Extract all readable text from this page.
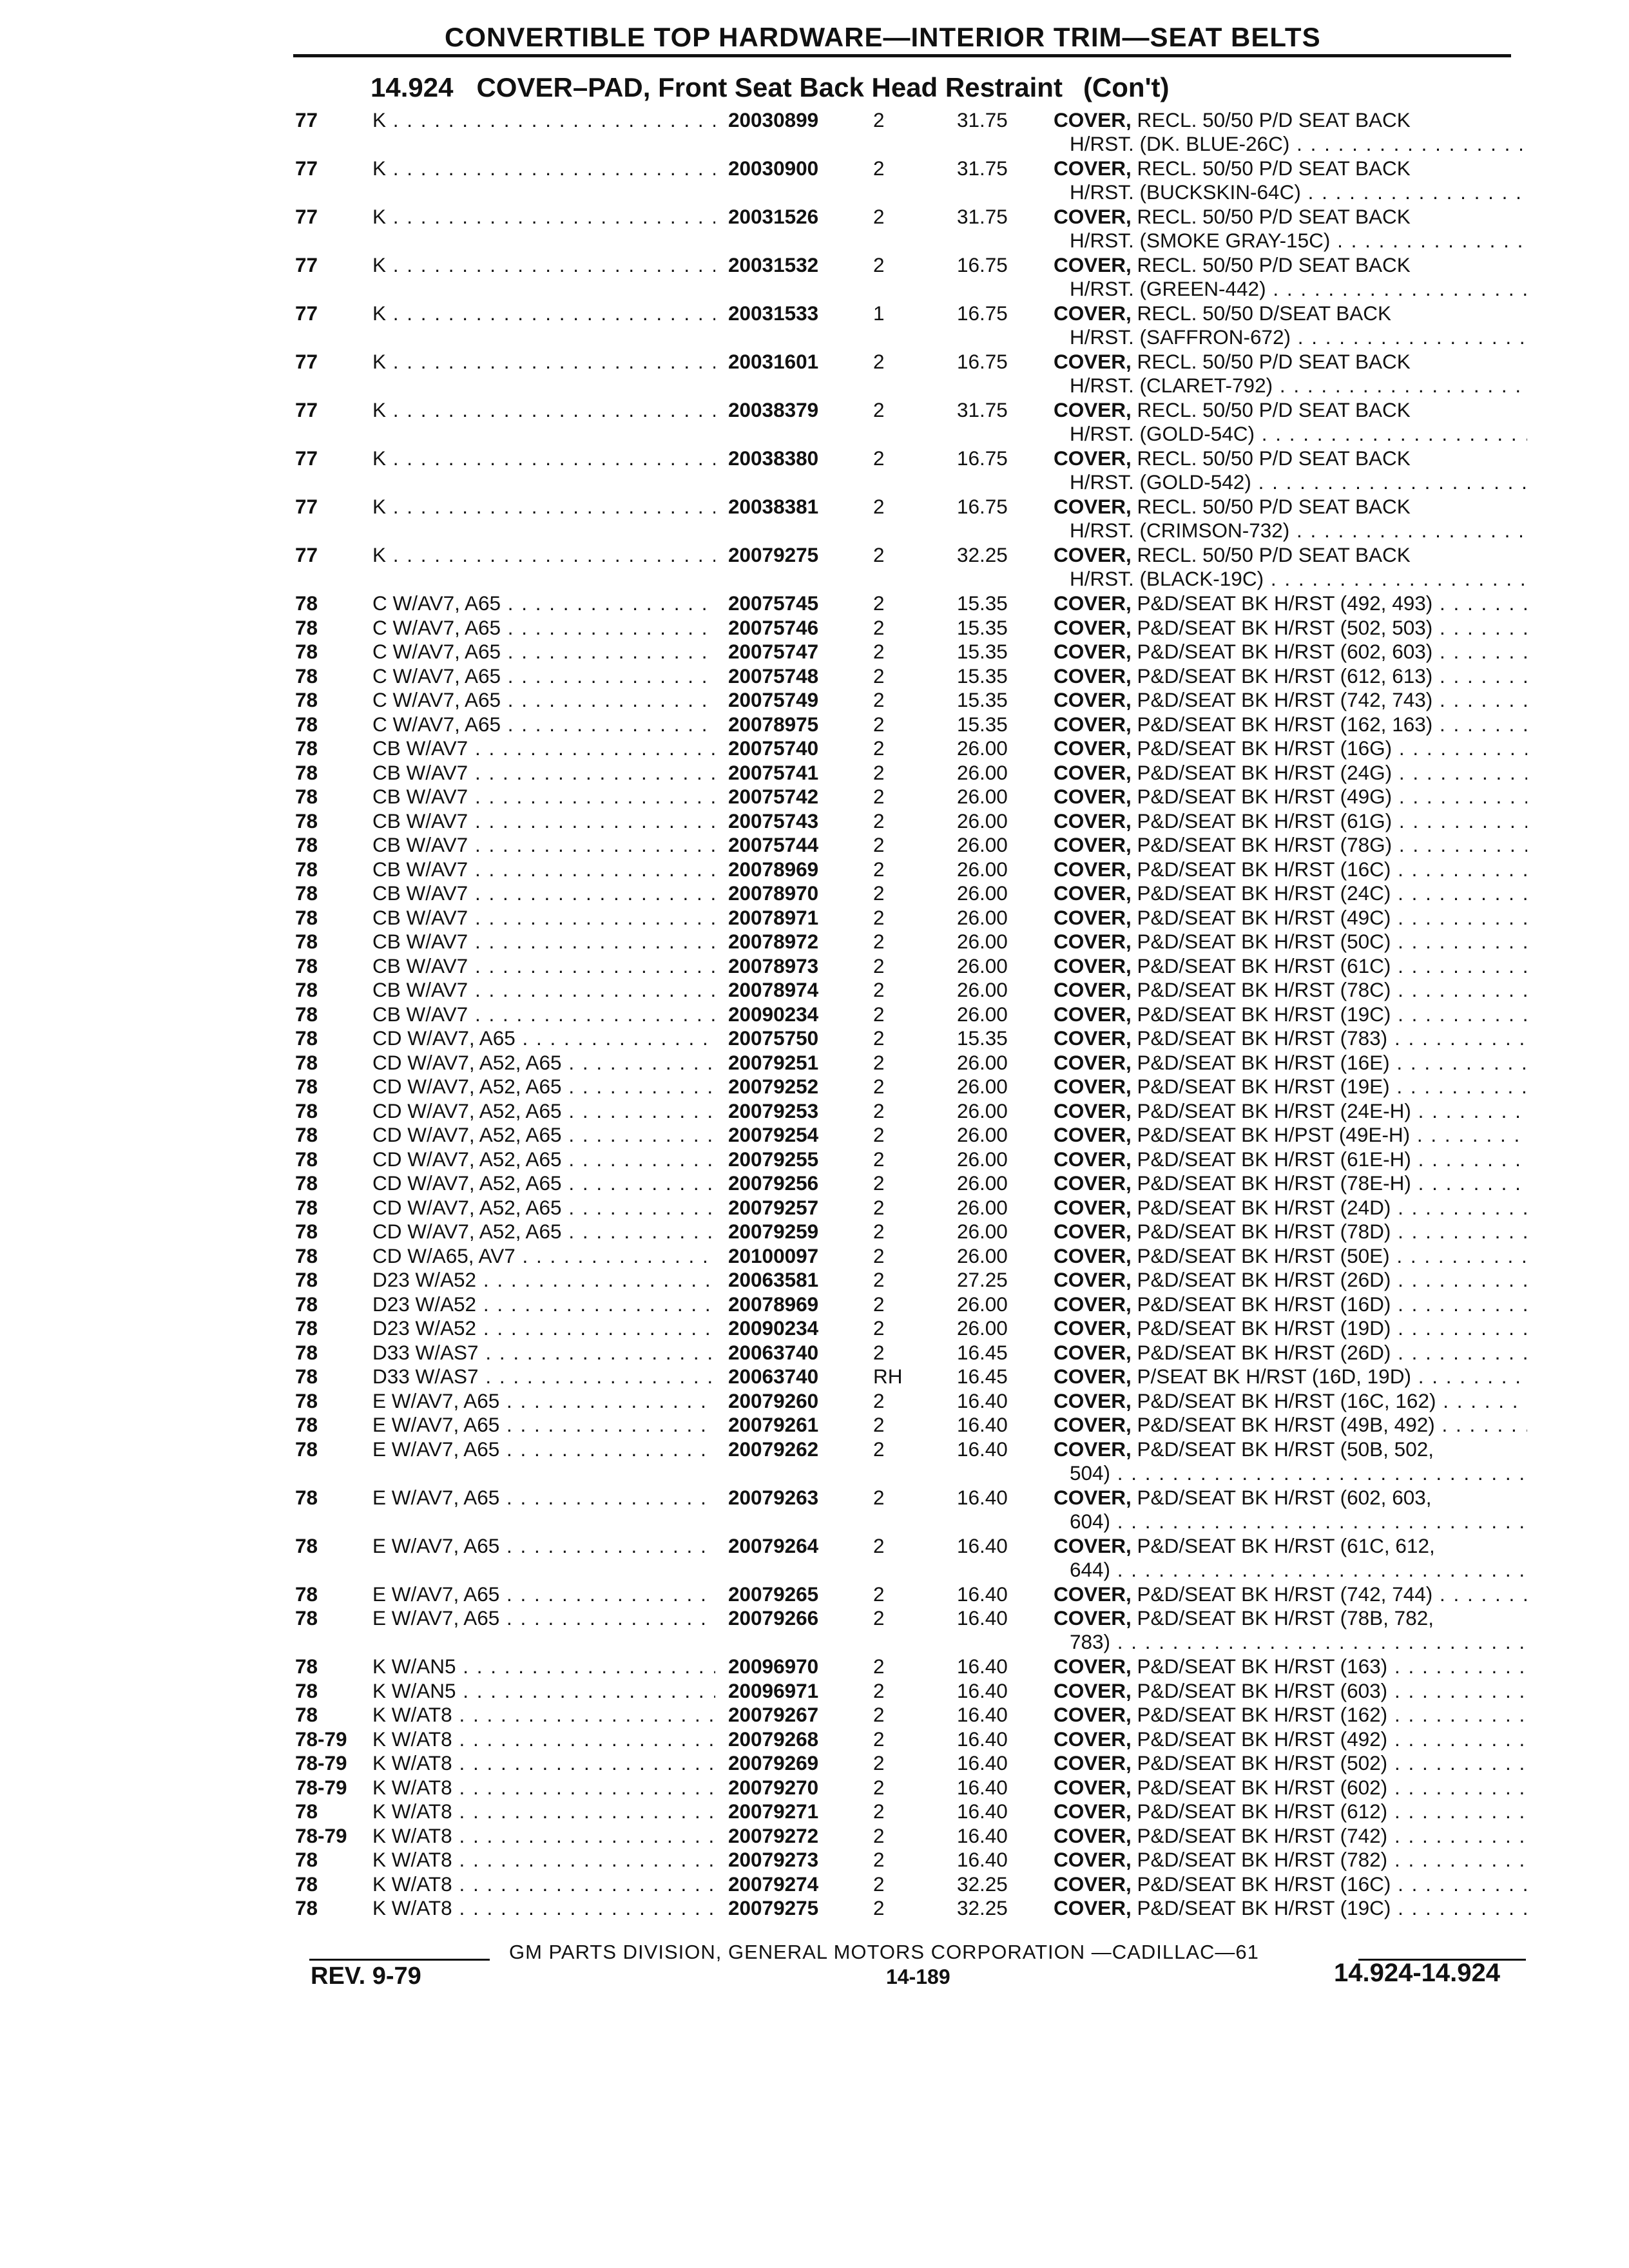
CONVERTIBLE TOP HARDWARE—INTERIOR TRIM—SEAT BELTS
14.924 COVER–PAD, Front Seat Back Head Restraint (Con't)
77	K . . .	20030899	2	31.75 COVER, RECL. 50/50 P/D SEAT BACK
H/RST. (DK. BLUE-26C) . . .
77	K . . .	20030900	2	31.75 COVER, RECL. 50/50 P/D SEAT BACK
H/RST. (BUCKSKIN-64C) . . .
77	K . . .	20031526	2	31.75 COVER, RECL. 50/50 P/D SEAT BACK
H/RST. (SMOKE GRAY-15C) . . .
77	K . . .	20031532	2	16.75 COVER, RECL. 50/50 P/D SEAT BACK
H/RST. (GREEN-442) . . .
77	K . . .	20031533	1	16.75 COVER, RECL. 50/50 D/SEAT BACK
H/RST. (SAFFRON-672) . . .
77	K . . .	20031601	2	16.75 COVER, RECL. 50/50 P/D SEAT BACK
H/RST. (CLARET-792) . . .
77	K . . .	20038379	2	31.75 COVER, RECL. 50/50 P/D SEAT BACK
H/RST. (GOLD-54C) . . .
77	K . . .	20038380	2	16.75 COVER, RECL. 50/50 P/D SEAT BACK
H/RST. (GOLD-542) . . .
77	K . . .	20038381	2	16.75 COVER, RECL. 50/50 P/D SEAT BACK
H/RST. (CRIMSON-732) . . .
77	K . . .	20079275	2	32.25 COVER, RECL. 50/50 P/D SEAT BACK
H/RST. (BLACK-19C) . . .
78	C W/AV7, A65 . . .	20075745	2	15.35 COVER, P&D/SEAT BK H/RST (492, 493) . . .
78	C W/AV7, A65 . . .	20075746	2	15.35 COVER, P&D/SEAT BK H/RST (502, 503) . . .
78	C W/AV7, A65 . . .	20075747	2	15.35 COVER, P&D/SEAT BK H/RST (602, 603) . . .
78	C W/AV7, A65 . . .	20075748	2	15.35 COVER, P&D/SEAT BK H/RST (612, 613) . . .
78	C W/AV7, A65 . . .	20075749	2	15.35 COVER, P&D/SEAT BK H/RST (742, 743) . . .
78	C W/AV7, A65 . . .	20078975	2	15.35 COVER, P&D/SEAT BK H/RST (162, 163) . . .
78	CB W/AV7 . . .	20075740	2	26.00 COVER, P&D/SEAT BK H/RST (16G) . . .
78	CB W/AV7 . . .	20075741	2	26.00 COVER, P&D/SEAT BK H/RST (24G) . . .
78	CB W/AV7 . . .	20075742	2	26.00 COVER, P&D/SEAT BK H/RST (49G) . . .
78	CB W/AV7 . . .	20075743	2	26.00 COVER, P&D/SEAT BK H/RST (61G) . . .
78	CB W/AV7 . . .	20075744	2	26.00 COVER, P&D/SEAT BK H/RST (78G) . . .
78	CB W/AV7 . . .	20078969	2	26.00 COVER, P&D/SEAT BK H/RST (16C) . . .
78	CB W/AV7 . . .	20078970	2	26.00 COVER, P&D/SEAT BK H/RST (24C) . . .
78	CB W/AV7 . . .	20078971	2	26.00 COVER, P&D/SEAT BK H/RST (49C) . . .
78	CB W/AV7 . . .	20078972	2	26.00 COVER, P&D/SEAT BK H/RST (50C) . . .
78	CB W/AV7 . . .	20078973	2	26.00 COVER, P&D/SEAT BK H/RST (61C) . . .
78	CB W/AV7 . . .	20078974	2	26.00 COVER, P&D/SEAT BK H/RST (78C) . . .
78	CB W/AV7 . . .	20090234	2	26.00 COVER, P&D/SEAT BK H/RST (19C) . . .
78	CD W/AV7, A65 . . .	20075750	2	15.35 COVER, P&D/SEAT BK H/RST (783) . . .
78	CD W/AV7, A52, A65 . . .	20079251	2	26.00 COVER, P&D/SEAT BK H/RST (16E) . . .
78	CD W/AV7, A52, A65 . . .	20079252	2	26.00 COVER, P&D/SEAT BK H/RST (19E) . . .
78	CD W/AV7, A52, A65 . . .	20079253	2	26.00 COVER, P&D/SEAT BK H/RST (24E-H) . . .
78	CD W/AV7, A52, A65 . . .	20079254	2	26.00 COVER, P&D/SEAT BK H/PST (49E-H) . . .
78	CD W/AV7, A52, A65 . . .	20079255	2	26.00 COVER, P&D/SEAT BK H/RST (61E-H) . . .
78	CD W/AV7, A52, A65 . . .	20079256	2	26.00 COVER, P&D/SEAT BK H/RST (78E-H) . . .
78	CD W/AV7, A52, A65 . . .	20079257	2	26.00 COVER, P&D/SEAT BK H/RST (24D) . . .
78	CD W/AV7, A52, A65 . . .	20079259	2	26.00 COVER, P&D/SEAT BK H/RST (78D) . . .
78	CD W/A65, AV7 . . .	20100097	2	26.00 COVER, P&D/SEAT BK H/RST (50E) . . .
78	D23 W/A52 . . .	20063581	2	27.25 COVER, P&D/SEAT BK H/RST (26D) . . .
78	D23 W/A52 . . .	20078969	2	26.00 COVER, P&D/SEAT BK H/RST (16D) . . .
78	D23 W/A52 . . .	20090234	2	26.00 COVER, P&D/SEAT BK H/RST (19D) . . .
78	D33 W/AS7 . . .	20063740	2	16.45 COVER, P&D/SEAT BK H/RST (26D) . . .
78	D33 W/AS7 . . .	20063740	RH	16.45 COVER, P/SEAT BK H/RST (16D, 19D) . . .
78	E W/AV7, A65 . . .	20079260	2	16.40 COVER, P&D/SEAT BK H/RST (16C, 162) . . .
78	E W/AV7, A65 . . .	20079261	2	16.40 COVER, P&D/SEAT BK H/RST (49B, 492) . . .
78	E W/AV7, A65 . . .	20079262	2	16.40 COVER, P&D/SEAT BK H/RST (50B, 502,
504) . . .
78	E W/AV7, A65 . . .	20079263	2	16.40 COVER, P&D/SEAT BK H/RST (602, 603,
604) . . .
78	E W/AV7, A65 . . .	20079264	2	16.40 COVER, P&D/SEAT BK H/RST (61C, 612,
644) . . .
78	E W/AV7, A65 . . .	20079265	2	16.40 COVER, P&D/SEAT BK H/RST (742, 744) . . .
78	E W/AV7, A65 . . .	20079266	2	16.40 COVER, P&D/SEAT BK H/RST (78B, 782,
783) . . .
78	K W/AN5 . . .	20096970	2	16.40 COVER, P&D/SEAT BK H/RST (163) . . .
78	K W/AN5 . . .	20096971	2	16.40 COVER, P&D/SEAT BK H/RST (603) . . .
78	K W/AT8 . . .	20079267	2	16.40 COVER, P&D/SEAT BK H/RST (162) . . .
78-79	K W/AT8 . . .	20079268	2	16.40 COVER, P&D/SEAT BK H/RST (492) . . .
78-79	K W/AT8 . . .	20079269	2	16.40 COVER, P&D/SEAT BK H/RST (502) . . .
78-79	K W/AT8 . . .	20079270	2	16.40 COVER, P&D/SEAT BK H/RST (602) . . .
78	K W/AT8 . . .	20079271	2	16.40 COVER, P&D/SEAT BK H/RST (612) . . .
78-79	K W/AT8 . . .	20079272	2	16.40 COVER, P&D/SEAT BK H/RST (742) . . .
78	K W/AT8 . . .	20079273	2	16.40 COVER, P&D/SEAT BK H/RST (782) . . .
78	K W/AT8 . . .	20079274	2	32.25 COVER, P&D/SEAT BK H/RST (16C) . . .
78	K W/AT8 . . .	20079275	2	32.25 COVER, P&D/SEAT BK H/RST (19C) . . .
GM PARTS DIVISION, GENERAL MOTORS CORPORATION —CADILLAC—61
REV. 9-79	14-189	14.924-14.924
